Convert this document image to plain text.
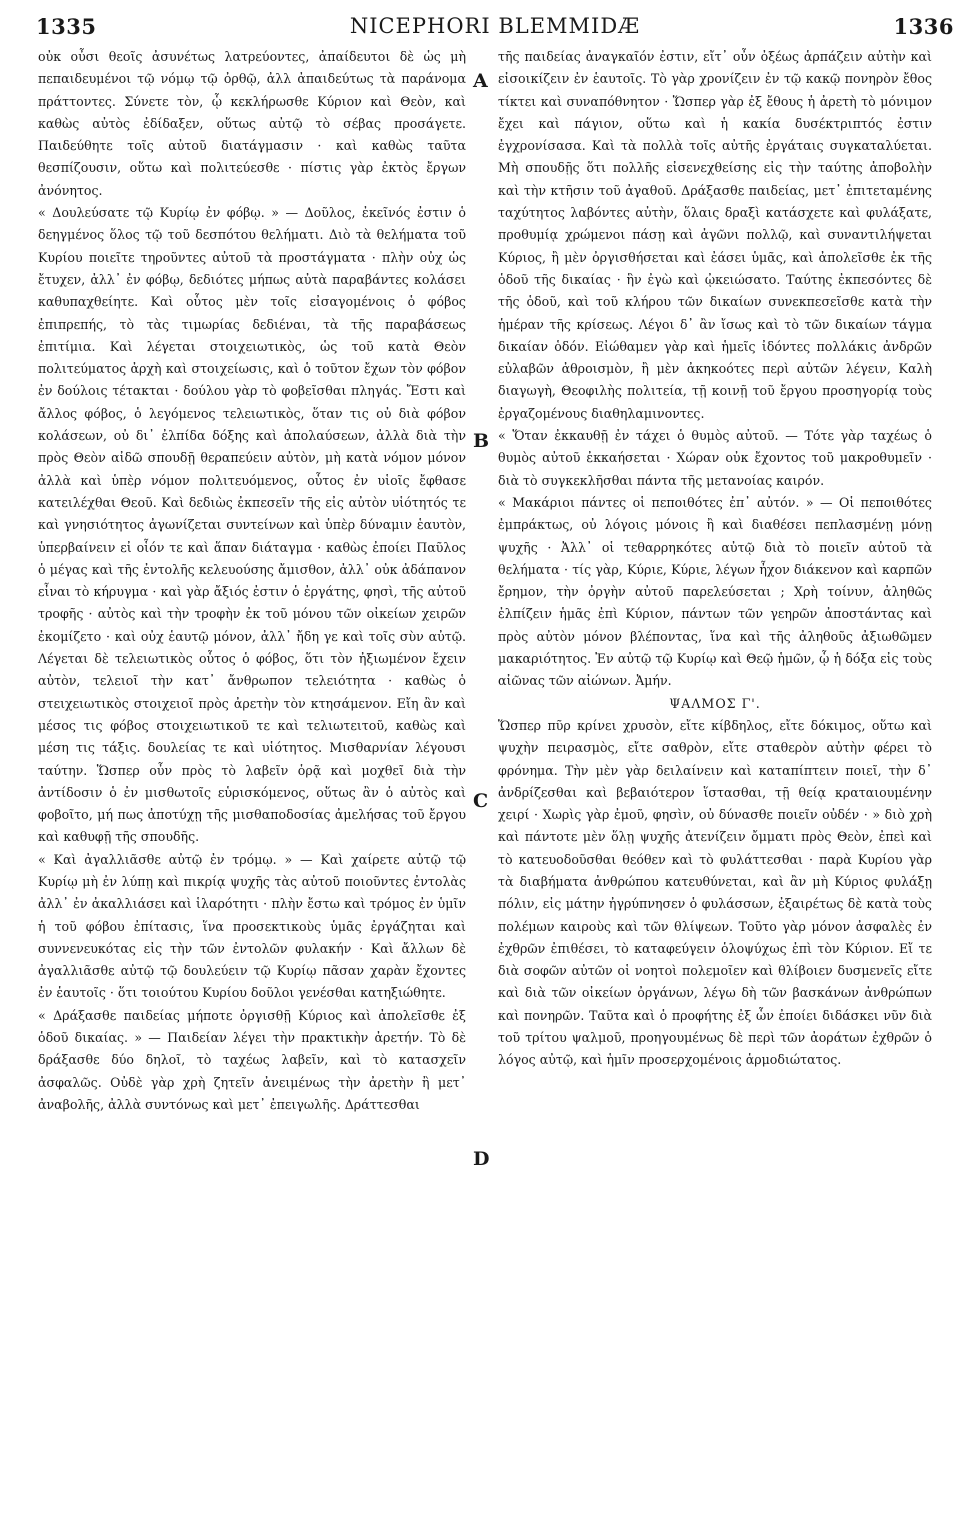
1335	NICEPHORI BLEMMIDÆ	1336

οὐκ οὖσι θεοῖς ἀσυνέτως λατρεύοντες, ἀπαίδευτοι δὲ ὡς μὴ πεπαιδευμένοι τῷ νόμῳ τῷ ὀρθῷ, ἀλλ ἀπαιδεύτως τὰ παράνομα πράττοντες. Σύνετε τὸν, ᾧ κεκλήρωσθε Κύριον καὶ Θεὸν, καὶ καθὼς αὐτὸς ἐδίδαξεν, οὕτως αὐτῷ τὸ σέβας προσάγετε. Παιδεύθητε τοῖς αὐτοῦ διατάγμασιν · καὶ καθὼς ταῦτα θεσπίζουσιν, οὕτω καὶ πολιτεύεσθε · πίστις γὰρ ἐκτὸς ἔργων ἀνόνητος.

« Δουλεύσατε τῷ Κυρίῳ ἐν φόβῳ. » — Δοῦλος, ἐκεῖνός ἐστιν ὁ δεηγμένος ὅλος τῷ τοῦ δεσπότου θελήματι. Διὸ τὰ θελήματα τοῦ Κυρίου ποιεῖτε τηροῦντες αὐτοῦ τὰ προστάγματα · πλὴν οὐχ ὡς ἔτυχεν, ἀλλ᾽ ἐν φόβῳ, δεδιότες μήπως αὐτὰ παραβάντες κολάσει καθυπαχθείητε. Καὶ οὗτος μὲν τοῖς εἰσαγομένοις ὁ φόβος ἐπιπρεπής, τὸ τὰς τιμωρίας δεδιέναι, τὰ τῆς παραβάσεως ἐπιτίμια. Καὶ λέγεται στοιχειωτικὸς, ὡς τοῦ κατὰ Θεὸν πολιτεύματος ἀρχὴ καὶ στοιχείωσις, καὶ ὁ τοῦτον ἔχων τὸν φόβον ἐν δούλοις τέτακται · δούλου γὰρ τὸ φοβεῖσθαι πληγάς. Ἔστι καὶ ἄλλος φόβος, ὁ λεγόμενος τελειωτικὸς, ὅταν τις οὐ διὰ φόβον κολάσεων, οὐ δι᾽ ἐλπίδα δόξης καὶ ἀπολαύσεων, ἀλλὰ διὰ τὴν πρὸς Θεὸν αἰδῶ σπουδῇ θεραπεύειν αὐτὸν, μὴ κατὰ νόμον μόνον ἀλλὰ καὶ ὑπὲρ νόμον πολιτευόμενος, οὗτος ἐν υἱοῖς ἔφθασε κατειλέχθαι Θεοῦ. Καὶ δεδιὼς ἐκπεσεῖν τῆς εἰς αὐτὸν υἱότητός τε καὶ γνησιότητος ἀγωνίζεται συντείνων καὶ ὑπὲρ δύναμιν ἑαυτὸν, ὑπερβαίνειν εἰ οἷόν τε καὶ ἅπαν διάταγμα · καθὼς ἐποίει Παῦλος ὁ μέγας καὶ τῆς ἐντολῆς κελευούσης ἄμισθον, ἀλλ᾽ οὐκ ἀδάπανον εἶναι τὸ κήρυγμα · καὶ γὰρ ἄξιός ἐστιν ὁ ἐργάτης, φησὶ, τῆς αὐτοῦ τροφῆς · αὐτὸς καὶ τὴν τροφὴν ἐκ τοῦ μόνου τῶν οἰκείων χειρῶν ἐκομίζετο · καὶ οὐχ ἑαυτῷ μόνον, ἀλλ᾽ ἤδη γε καὶ τοῖς σὺν αὐτῷ. Λέγεται δὲ τελειωτικὸς οὗτος ὁ φόβος, ὅτι τὸν ἠξιωμένον ἔχειν αὐτὸν, τελειοῖ τὴν κατ᾽ ἄνθρωπον τελειότητα · καθὼς ὁ στειχειωτικὸς στοιχειοῖ πρὸς ἀρετὴν τὸν κτησάμενον. Εἴη ἂν καὶ μέσος τις φόβος στοιχειωτικοῦ τε καὶ τελιωτειτοῦ, καθὼς καὶ μέση τις τάξις. δουλείας τε καὶ υἱότητος. Μισθαρνίαν λέγουσι ταύτην. Ὥσπερ οὖν πρὸς τὸ λαβεῖν ὁρᾷ καὶ μοχθεῖ διὰ τὴν ἀντίδοσιν ὁ ἐν μισθωτοῖς εὑρισκόμενος, οὕτως ἂν ὁ αὐτὸς καὶ φοβοῖτο, μή πως ἀποτύχῃ τῆς μισθαποδοσίας ἀμελήσας τοῦ ἔργου καὶ καθυφῇ τῆς σπουδῆς.

« Καὶ ἀγαλλιᾶσθε αὐτῷ ἐν τρόμῳ. » — Καὶ χαίρετε αὐτῷ τῷ Κυρίῳ μὴ ἐν λύπῃ καὶ πικρίᾳ ψυχῆς τὰς αὐτοῦ ποιοῦντες ἐντολὰς ἀλλ᾽ ἐν ἀκαλλιάσει καὶ ἱλαρότητι · πλὴν ἔστω καὶ τρόμος ἐν ὑμῖν ἡ τοῦ φόβου ἐπίτασις, ἵνα προσεκτικοὺς ὑμᾶς ἐργάζηται καὶ συννενευκότας εἰς τὴν τῶν ἐντολῶν φυλακήν · Καὶ ἄλλων δὲ ἀγαλλιᾶσθε αὐτῷ τῷ δουλεύειν τῷ Κυρίῳ πᾶσαν χαρὰν ἔχοντες ἐν ἑαυτοῖς · ὅτι τοιούτου Κυρίου δοῦλοι γενέσθαι κατηξιώθητε.

« Δράξασθε παιδείας μήποτε ὀργισθῇ Κύριος καὶ ἀπολεῖσθε ἐξ ὁδοῦ δικαίας. » — Παιδείαν λέγει τὴν πρακτικὴν ἀρετήν. Τὸ δὲ δράξασθε δύο δηλοῖ, τὸ ταχέως λαβεῖν, καὶ τὸ κατασχεῖν ἀσφαλῶς. Οὐδὲ γὰρ χρὴ ζητεῖν ἀνειμένως τὴν ἀρετὴν ἢ μετ᾽ ἀναβολῆς, ἀλλὰ συντόνως καὶ μετ᾽ ἐπειγωλῆς. Δράττεσθαι

A
B
C
D

τῆς παιδείας ἀναγκαῖόν ἐστιν, εἴτ᾽ οὖν ὀξέως ἁρπάζειν αὐτὴν καὶ εἰσοικίζειν ἐν ἑαυτοῖς. Τὸ γὰρ χρονίζειν ἐν τῷ κακῷ πονηρὸν ἔθος τίκτει καὶ συναπόθνητον · Ὥσπερ γὰρ ἐξ ἔθους ἡ ἀρετὴ τὸ μόνιμον ἔχει καὶ πάγιον, οὕτω καὶ ἡ κακία δυσέκτριπτός ἐστιν ἐγχρονίσασα. Καὶ τὰ πολλὰ τοῖς αὐτῆς ἐργάταις συγκαταλύεται. Μὴ σπουδῇς ὅτι πολλῆς εἰσενεχθείσης εἰς τὴν ταύτης ἀποβολὴν καὶ τὴν κτῆσιν τοῦ ἀγαθοῦ. Δράξασθε παιδείας, μετ᾽ ἐπιτεταμένης ταχύτητος λαβόντες αὐτὴν, ὅλαις δραξὶ κατάσχετε καὶ φυλάξατε, προθυμίᾳ χρώμενοι πάσῃ καὶ ἀγῶνι πολλῷ, καὶ συναντιλήψεται Κύριος, ἢ μὲν ὀργισθήσεται καὶ ἐάσει ὑμᾶς, καὶ ἀπολεῖσθε ἐκ τῆς ὁδοῦ τῆς δικαίας · ἣν ἐγὼ καὶ ᾠκειώσατο. Ταύτης ἐκπεσόντες δὲ τῆς ὁδοῦ, καὶ τοῦ κλήρου τῶν δικαίων συνεκπεσεῖσθε κατὰ τὴν ἡμέραν τῆς κρίσεως. Λέγοι δ᾽ ἂν ἴσως καὶ τὸ τῶν δικαίων τάγμα δικαίαν ὁδόν. Εἰώθαμεν γὰρ καὶ ἡμεῖς ἰδόντες πολλάκις ἀνδρῶν εὐλαβῶν ἀθροισμὸν, ἢ μὲν ἀκηκοότες περὶ αὐτῶν λέγειν, Καλὴ διαγωγὴ, Θεοφιλὴς πολιτεία, τῇ κοινῇ τοῦ ἔργου προσηγορίᾳ τοὺς ἐργαζομένους διαθηλαμινοντες.

« Ὅταν ἐκκαυθῇ ἐν τάχει ὁ θυμὸς αὐτοῦ. — Τότε γὰρ ταχέως ὁ θυμὸς αὐτοῦ ἐκκαήσεται · Χώραν οὐκ ἔχοντος τοῦ μακροθυμεῖν · διὰ τὸ συγκεκλῆσθαι πάντα τῆς μετανοίας καιρόν.

« Μακάριοι πάντες οἱ πεποιθότες ἐπ᾽ αὐτόν. » — Οἱ πεποιθότες ἐμπράκτως, οὐ λόγοις μόνοις ἢ καὶ διαθέσει πεπλασμένῃ μόνῃ ψυχῆς · Ἀλλ᾽ οἱ τεθαρρηκότες αὐτῷ διὰ τὸ ποιεῖν αὐτοῦ τὰ θελήματα · τίς γὰρ, Κύριε, Κύριε, λέγων ἦχον διάκενον καὶ καρπῶν ἔρημον, τὴν ὀργὴν αὐτοῦ παρελεύσεται ; Χρὴ τοίνυν, ἀληθῶς ἐλπίζειν ἡμᾶς ἐπὶ Κύριον, πάντων τῶν γεηρῶν ἀποστάντας καὶ πρὸς αὐτὸν μόνον βλέποντας, ἵνα καὶ τῆς ἀληθοῦς ἀξιωθῶμεν μακαριότητος. Ἐν αὐτῷ τῷ Κυρίῳ καὶ Θεῷ ἡμῶν, ᾧ ἡ δόξα εἰς τοὺς αἰῶνας τῶν αἰώνων. Ἀμήν.

ΨΑΛΜΟΣ Γ'.

Ὥσπερ πῦρ κρίνει χρυσὸν, εἴτε κίβδηλος, εἴτε δόκιμος, οὕτω καὶ ψυχὴν πειρασμὸς, εἴτε σαθρὸν, εἴτε σταθερὸν αὐτὴν φέρει τὸ φρόνημα. Τὴν μὲν γὰρ δειλαίνειν καὶ καταπίπτειν ποιεῖ, τὴν δ᾽ ἀνδρίζεσθαι καὶ βεβαιότερον ἵστασθαι, τῇ θείᾳ κραταιουμένην χειρί · Χωρὶς γὰρ ἐμοῦ, φησὶν, οὐ δύνασθε ποιεῖν οὐδέν · » διὸ χρὴ καὶ πάντοτε μὲν ὅλῃ ψυχῆς ἀτενίζειν ὄμματι πρὸς Θεὸν, ἐπεὶ καὶ τὸ κατευοδοῦσθαι θεόθεν καὶ τὸ φυλάττεσθαι · παρὰ Κυρίου γὰρ τὰ διαβήματα ἀνθρώπου κατευθύνεται, καὶ ἂν μὴ Κύριος φυλάξῃ πόλιν, εἰς μάτην ἠγρύπνησεν ὁ φυλάσσων, ἐξαιρέτως δὲ κατὰ τοὺς πολέμων καιροὺς καὶ τῶν θλίψεων. Τοῦτο γὰρ μόνον ἀσφαλὲς ἐν ἐχθρῶν ἐπιθέσει, τὸ καταφεύγειν ὁλοψύχως ἐπὶ τὸν Κύριον. Εἴ τε διὰ σοφῶν αὐτῶν οἱ νοητοὶ πολεμοῖεν καὶ θλίβοιεν δυσμενεῖς εἴτε καὶ διὰ τῶν οἰκείων ὀργάνων, λέγω δὴ τῶν βασκάνων ἀνθρώπων καὶ πονηρῶν. Ταῦτα καὶ ὁ προφήτης ἐξ ὧν ἐποίει διδάσκει νῦν διὰ τοῦ τρίτου ψαλμοῦ, προηγουμένως δὲ περὶ τῶν ἀοράτων ἐχθρῶν ὁ λόγος αὐτῷ, καὶ ἡμῖν προσερχομένοις ἁρμοδιώτατος.
